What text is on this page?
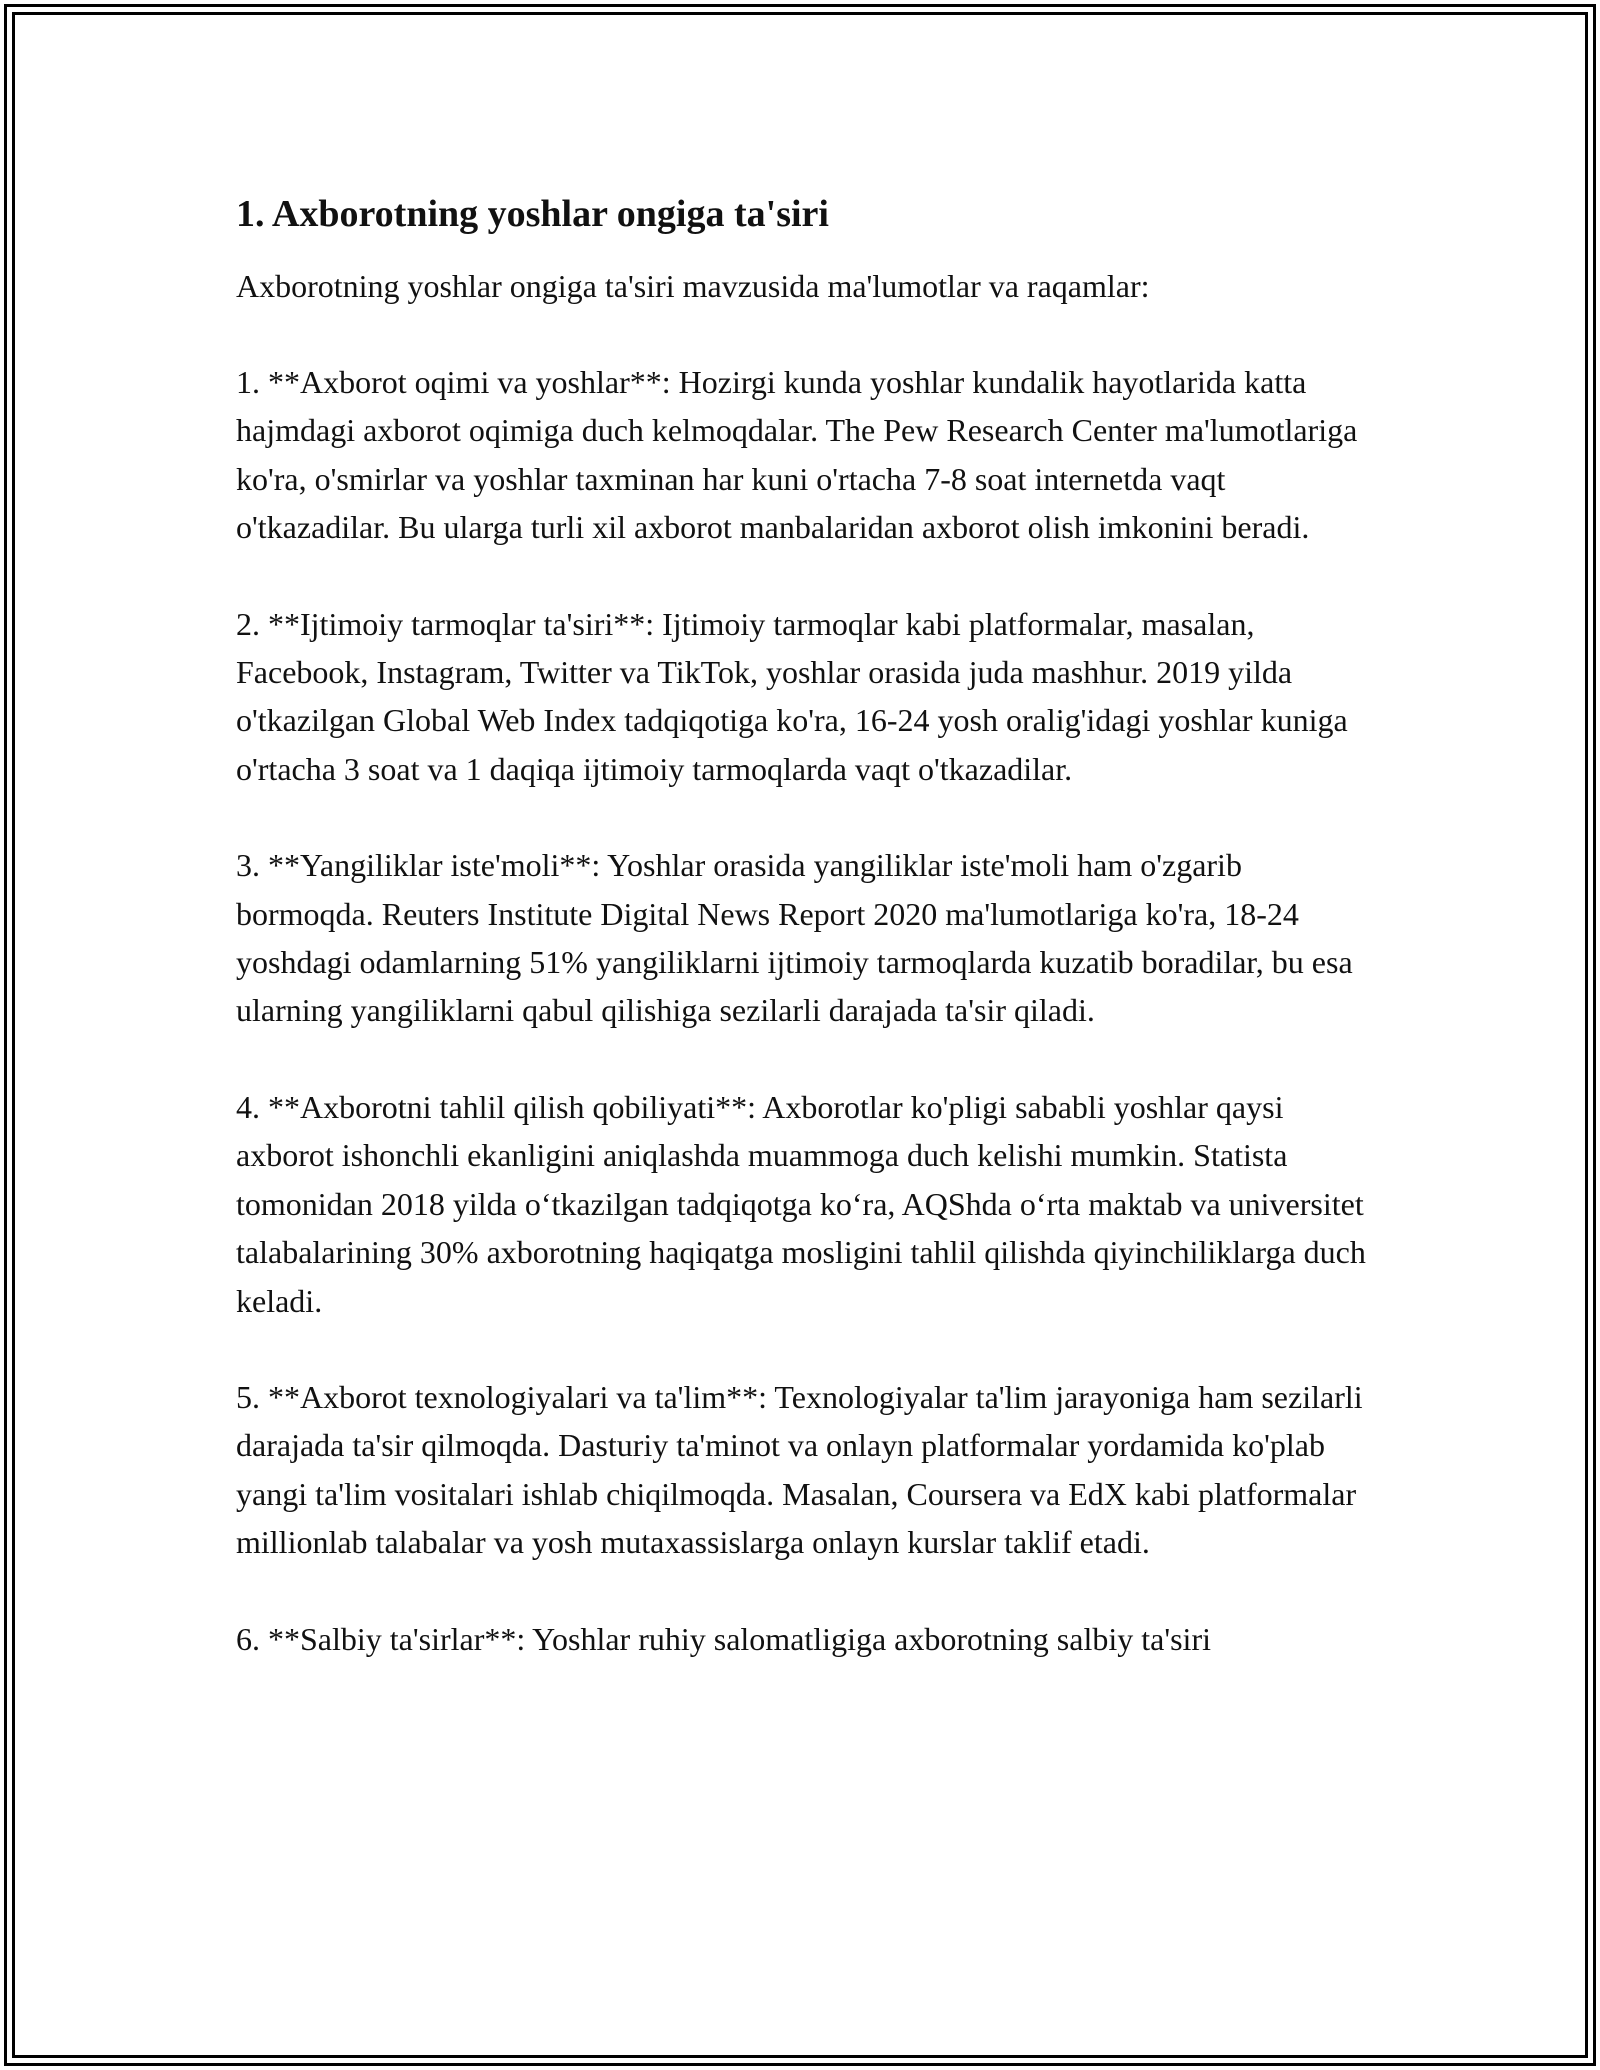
1. Axborotning yoshlar ongiga ta'siri

Axborotning yoshlar ongiga ta'siri mavzusida ma'lumotlar va raqamlar:

1. **Axborot oqimi va yoshlar**: Hozirgi kunda yoshlar kundalik hayotlarida katta hajmdagi axborot oqimiga duch kelmoqdalar. The Pew Research Center ma'lumotlariga ko'ra, o'smirlar va yoshlar taxminan har kuni o'rtacha 7-8 soat internetda vaqt o'tkazadilar. Bu ularga turli xil axborot manbalaridan axborot olish imkonini beradi.

2. **Ijtimoiy tarmoqlar ta'siri**: Ijtimoiy tarmoqlar kabi platformalar, masalan, Facebook, Instagram, Twitter va TikTok, yoshlar orasida juda mashhur. 2019 yilda o'tkazilgan Global Web Index tadqiqotiga ko'ra, 16-24 yosh oralig'idagi yoshlar kuniga o'rtacha 3 soat va 1 daqiqa ijtimoiy tarmoqlarda vaqt o'tkazadilar.

3. **Yangiliklar iste'moli**: Yoshlar orasida yangiliklar iste'moli ham o'zgarib bormoqda. Reuters Institute Digital News Report 2020 ma'lumotlariga ko'ra, 18-24 yoshdagi odamlarning 51% yangiliklarni ijtimoiy tarmoqlarda kuzatib boradilar, bu esa ularning yangiliklarni qabul qilishiga sezilarli darajada ta'sir qiladi.

4. **Axborotni tahlil qilish qobiliyati**: Axborotlar ko'pligi sababli yoshlar qaysi axborot ishonchli ekanligini aniqlashda muammoga duch kelishi mumkin. Statista tomonidan 2018 yilda o‘tkazilgan tadqiqotga ko‘ra, AQShda o‘rta maktab va universitet talabalarining 30% axborotning haqiqatga mosligini tahlil qilishda qiyinchiliklarga duch keladi.

5. **Axborot texnologiyalari va ta'lim**: Texnologiyalar ta'lim jarayoniga ham sezilarli darajada ta'sir qilmoqda. Dasturiy ta'minot va onlayn platformalar yordamida ko'plab yangi ta'lim vositalari ishlab chiqilmoqda. Masalan, Coursera va EdX kabi platformalar millionlab talabalar va yosh mutaxassislarga onlayn kurslar taklif etadi.

6. **Salbiy ta'sirlar**: Yoshlar ruhiy salomatligiga axborotning salbiy ta'siri
